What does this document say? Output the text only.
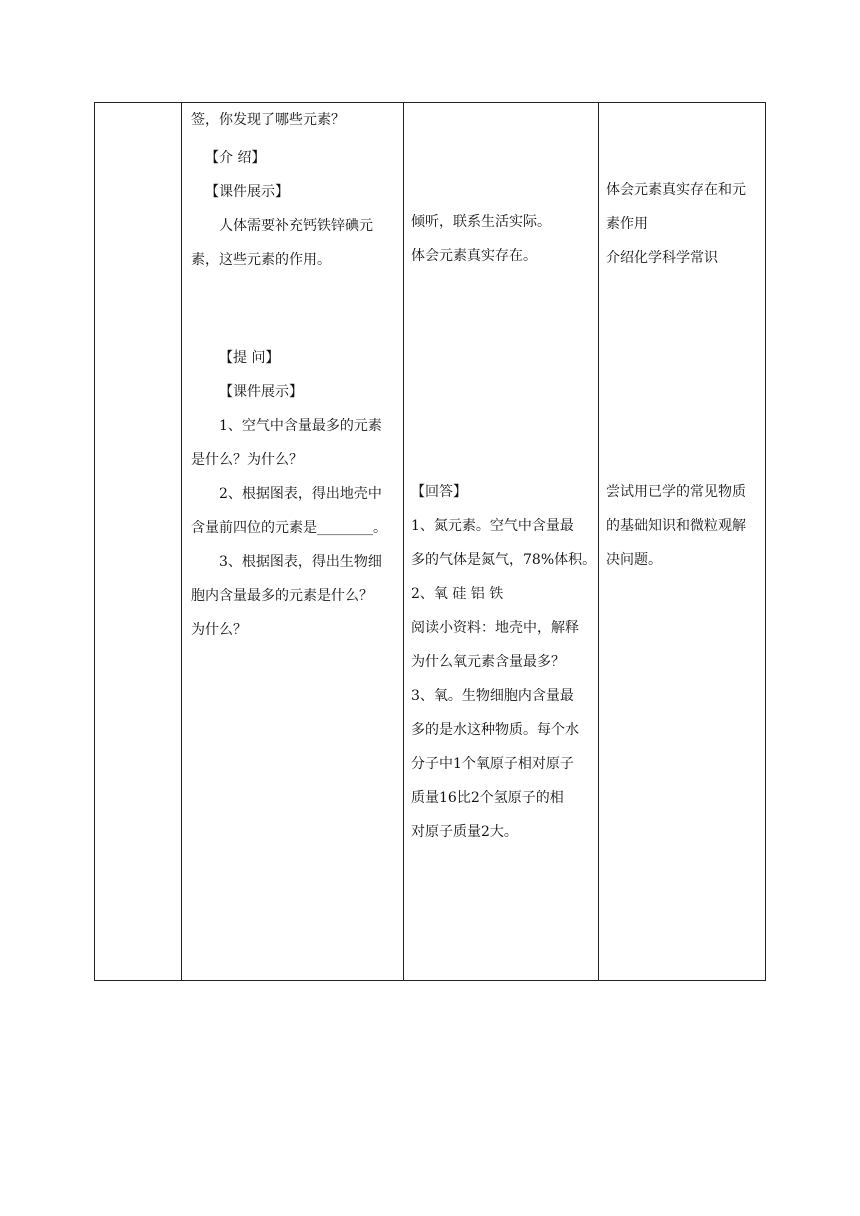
签，你发现了哪些元素？
【介 绍】
【课件展示】
人体需要补充钙铁锌碘元
素，这些元素的作用。
【提 问】
【课件展示】
1、空气中含量最多的元素
是什么？为什么？
2、根据图表，得出地壳中
含量前四位的元素是________。
3、根据图表，得出生物细
胞内含量最多的元素是什么？
为什么？
倾听，联系生活实际。
体会元素真实存在。
【回答】
1、氮元素。空气中含量最
多的气体是氮气，78%体积。
2、氧 硅 铝 铁
阅读小资料：地壳中，解释
为什么氧元素含量最多？
3、氧。生物细胞内含量最
多的是水这种物质。每个水
分子中1个氧原子相对原子
质量16比2个氢原子的相
对原子质量2大。
体会元素真实存在和元
素作用
介绍化学科学常识
尝试用已学的常见物质
的基础知识和微粒观解
决问题。
